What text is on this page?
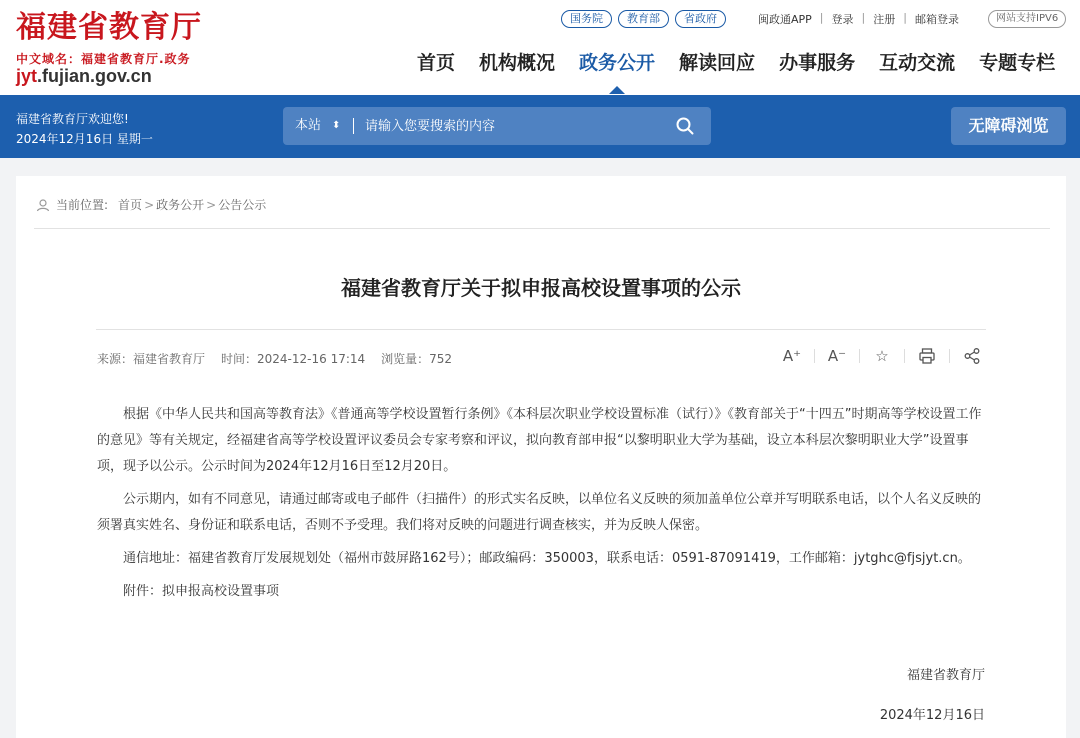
福建省教育厅
中文域名：福建省教育厅.政务
jyt.fujian.gov.cn
国务院	教育部	省政府	闽政通APP | 登录 | 注册 | 邮箱登录	网站支持IPV6
首页 机构概况 政务公开 解读回应 办事服务 互动交流 专题专栏
福建省教育厅欢迎您!
2024年12月16日 星期一
本站 ⬍
请输入您要搜索的内容	无障碍浏览
当前位置: 首页 > 政务公开 > 公告公示
福建省教育厅关于拟申报高校设置事项的公示
来源：福建省教育厅 时间：2024-12-16 17:14 浏览量：752	A⁺ A⁻ ☆

根据《中华人民共和国高等教育法》《普通高等学校设置暂行条例》《本科层次职业学校设置标准（试行）》《教育部关于“十四五”时期高等学校设置工作的意见》等有关规定，经福建省高等学校设置评议委员会专家考察和评议，拟向教育部申报“以黎明职业大学为基础，设立本科层次黎明职业大学”设置事项，现予以公示。公示时间为2024年12月16日至12月20日。

公示期内，如有不同意见，请通过邮寄或电子邮件（扫描件）的形式实名反映，以单位名义反映的须加盖单位公章并写明联系电话，以个人名义反映的须署真实姓名、身份证和联系电话，否则不予受理。我们将对反映的问题进行调查核实，并为反映人保密。

通信地址：福建省教育厅发展规划处（福州市鼓屏路162号）；邮政编码：350003，联系电话：0591-87091419，工作邮箱：jytghc@fjsjyt.cn。

附件：拟申报高校设置事项

福建省教育厅
2024年12月16日
